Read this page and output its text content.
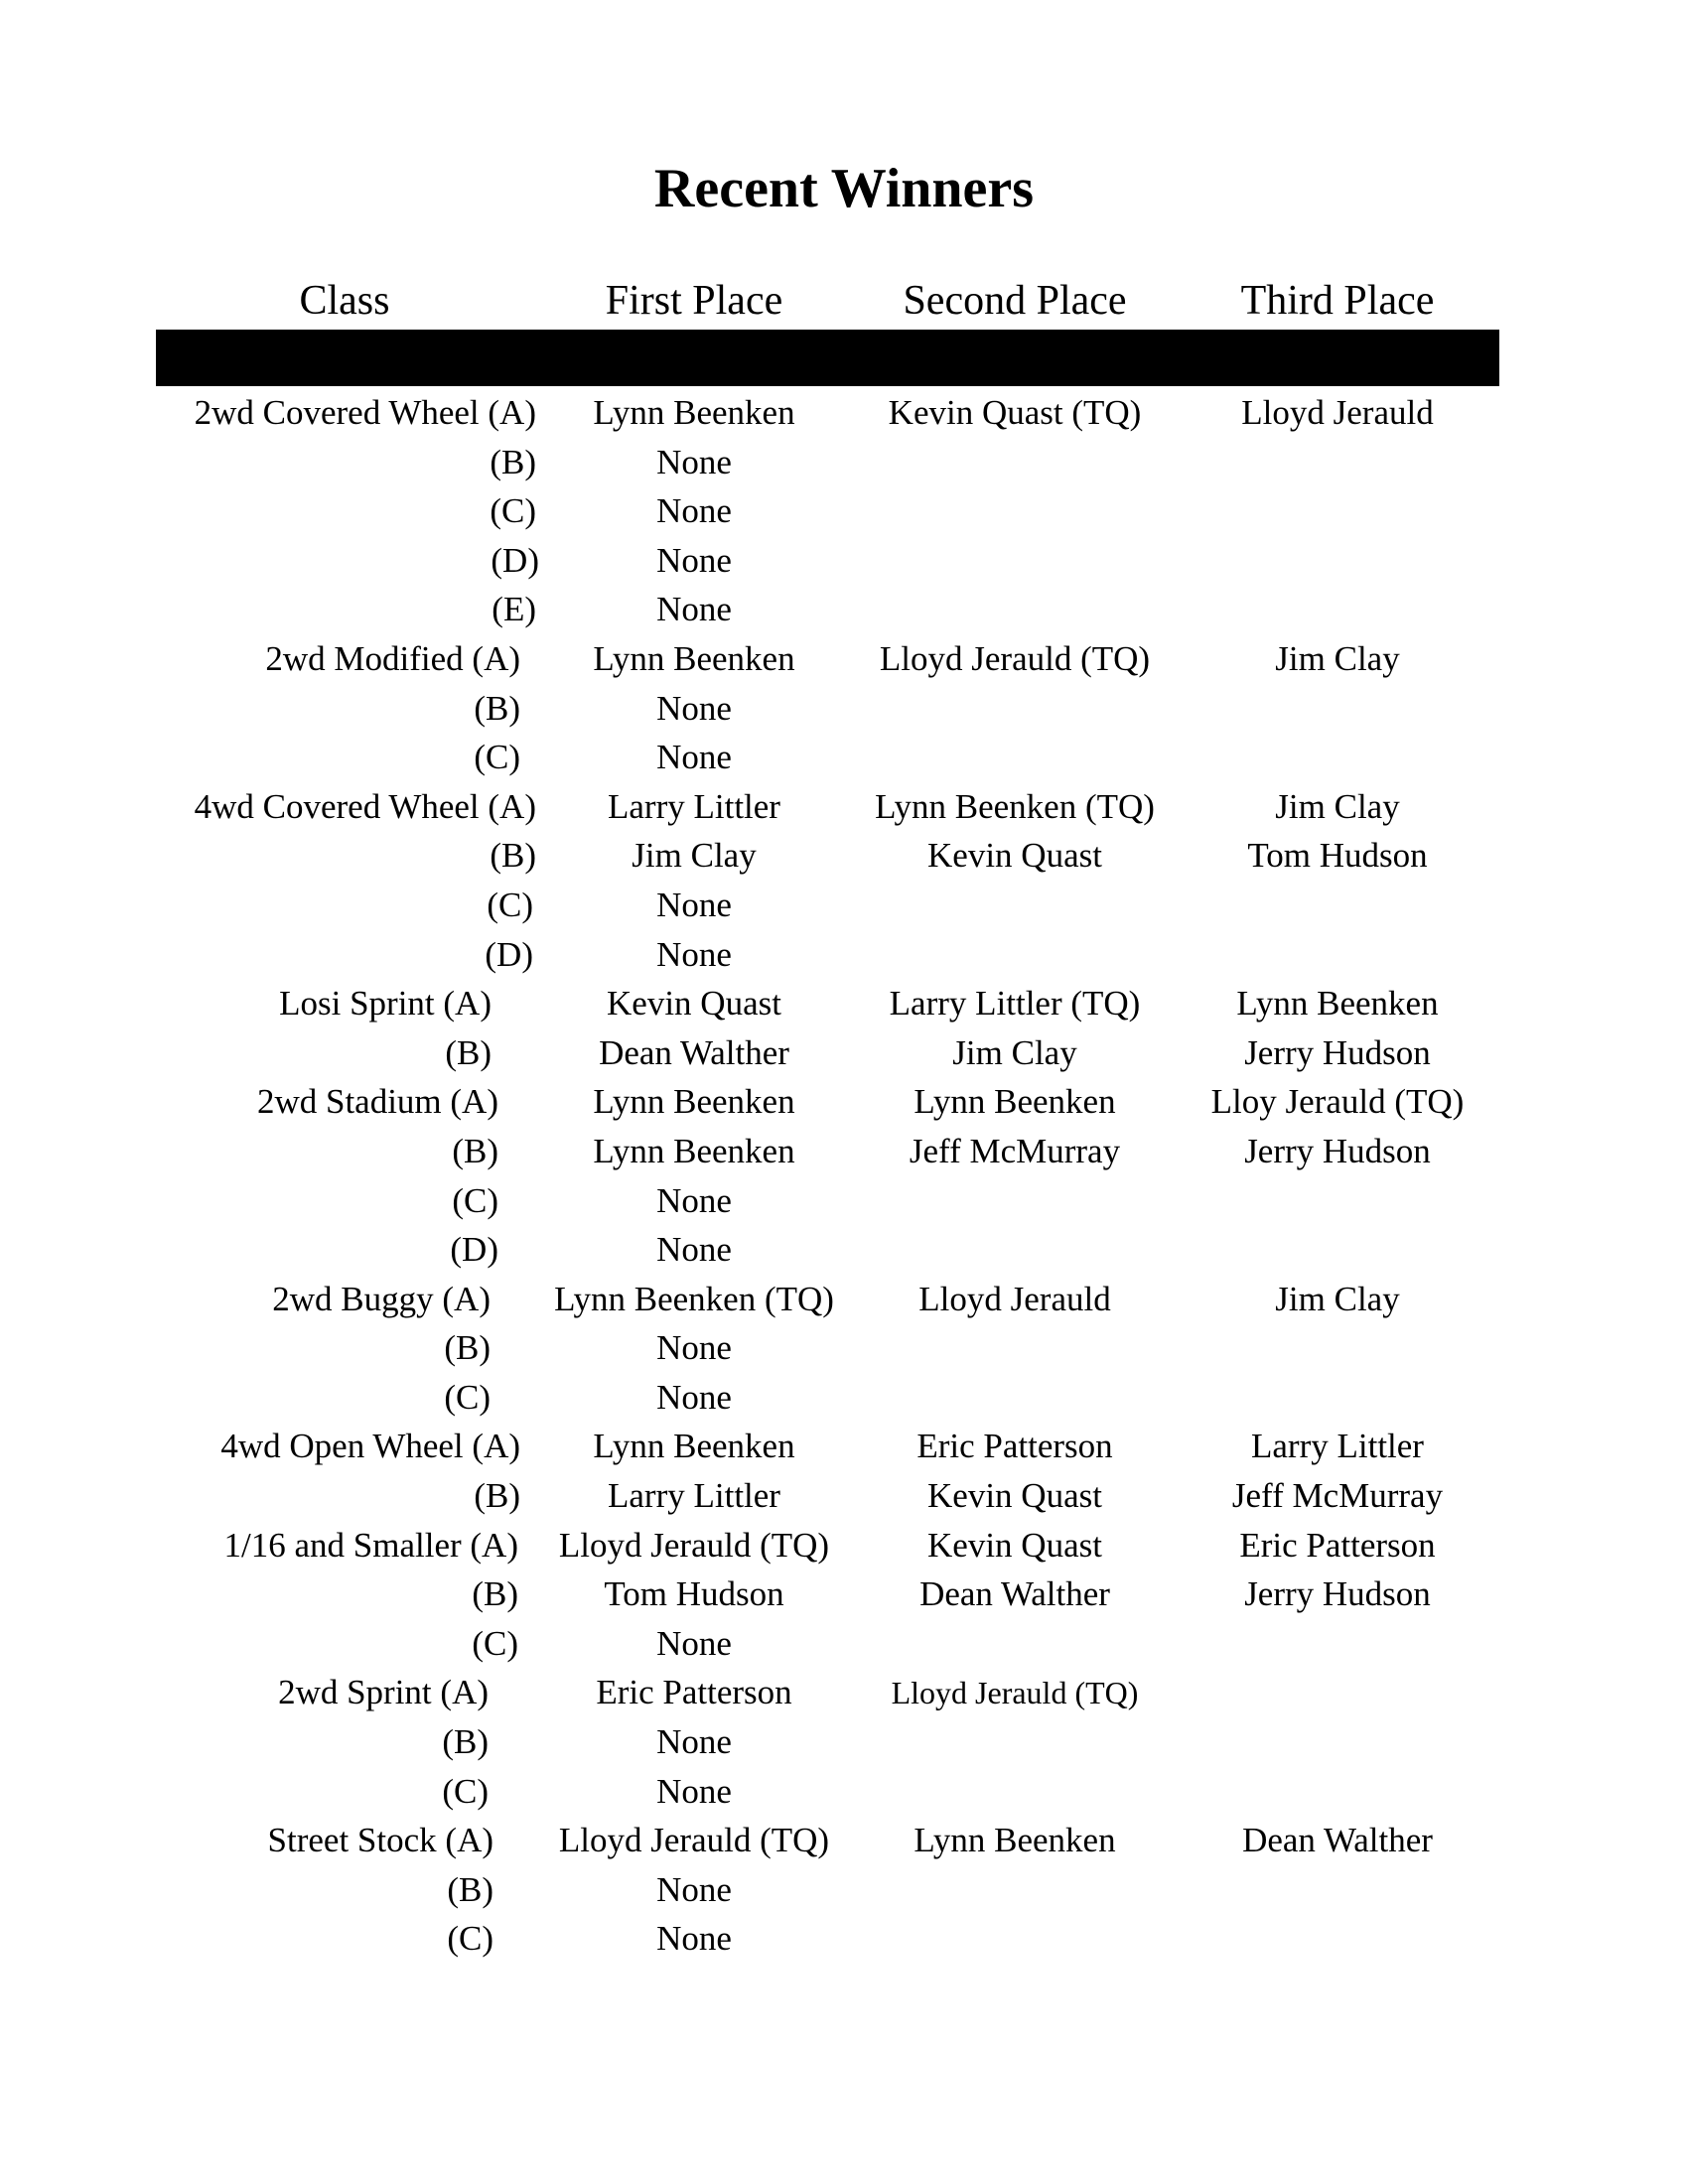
Recent Winners
Class	First Place	Second Place	Third Place
2wd Covered Wheel (A)	Lynn Beenken	Kevin Quast (TQ)	Lloyd Jerauld
(B)	None
(C)	None
(D)	None
(E)	None
2wd Modified (A)	Lynn Beenken	Lloyd Jerauld (TQ)	Jim Clay
(B)	None
(C)	None
4wd Covered Wheel (A)	Larry Littler	Lynn Beenken (TQ)	Jim Clay
(B)	Jim Clay	Kevin Quast	Tom Hudson
(C)	None
(D)	None
Losi Sprint (A)	Kevin Quast	Larry Littler (TQ)	Lynn Beenken
(B)	Dean Walther	Jim Clay	Jerry Hudson
2wd Stadium (A)	Lynn Beenken	Lynn Beenken	Lloy Jerauld (TQ)
(B)	Lynn Beenken	Jeff McMurray	Jerry Hudson
(C)	None
(D)	None
2wd Buggy (A)	Lynn Beenken (TQ)	Lloyd Jerauld	Jim Clay
(B)	None
(C)	None
4wd Open Wheel (A)	Lynn Beenken	Eric Patterson	Larry Littler
(B)	Larry Littler	Kevin Quast	Jeff McMurray
1/16 and Smaller (A)	Lloyd Jerauld (TQ)	Kevin Quast	Eric Patterson
(B)	Tom Hudson	Dean Walther	Jerry Hudson
(C)	None
2wd Sprint (A)	Eric Patterson	Lloyd Jerauld (TQ)
(B)	None
(C)	None
Street Stock (A)	Lloyd Jerauld (TQ)	Lynn Beenken	Dean Walther
(B)	None
(C)	None
